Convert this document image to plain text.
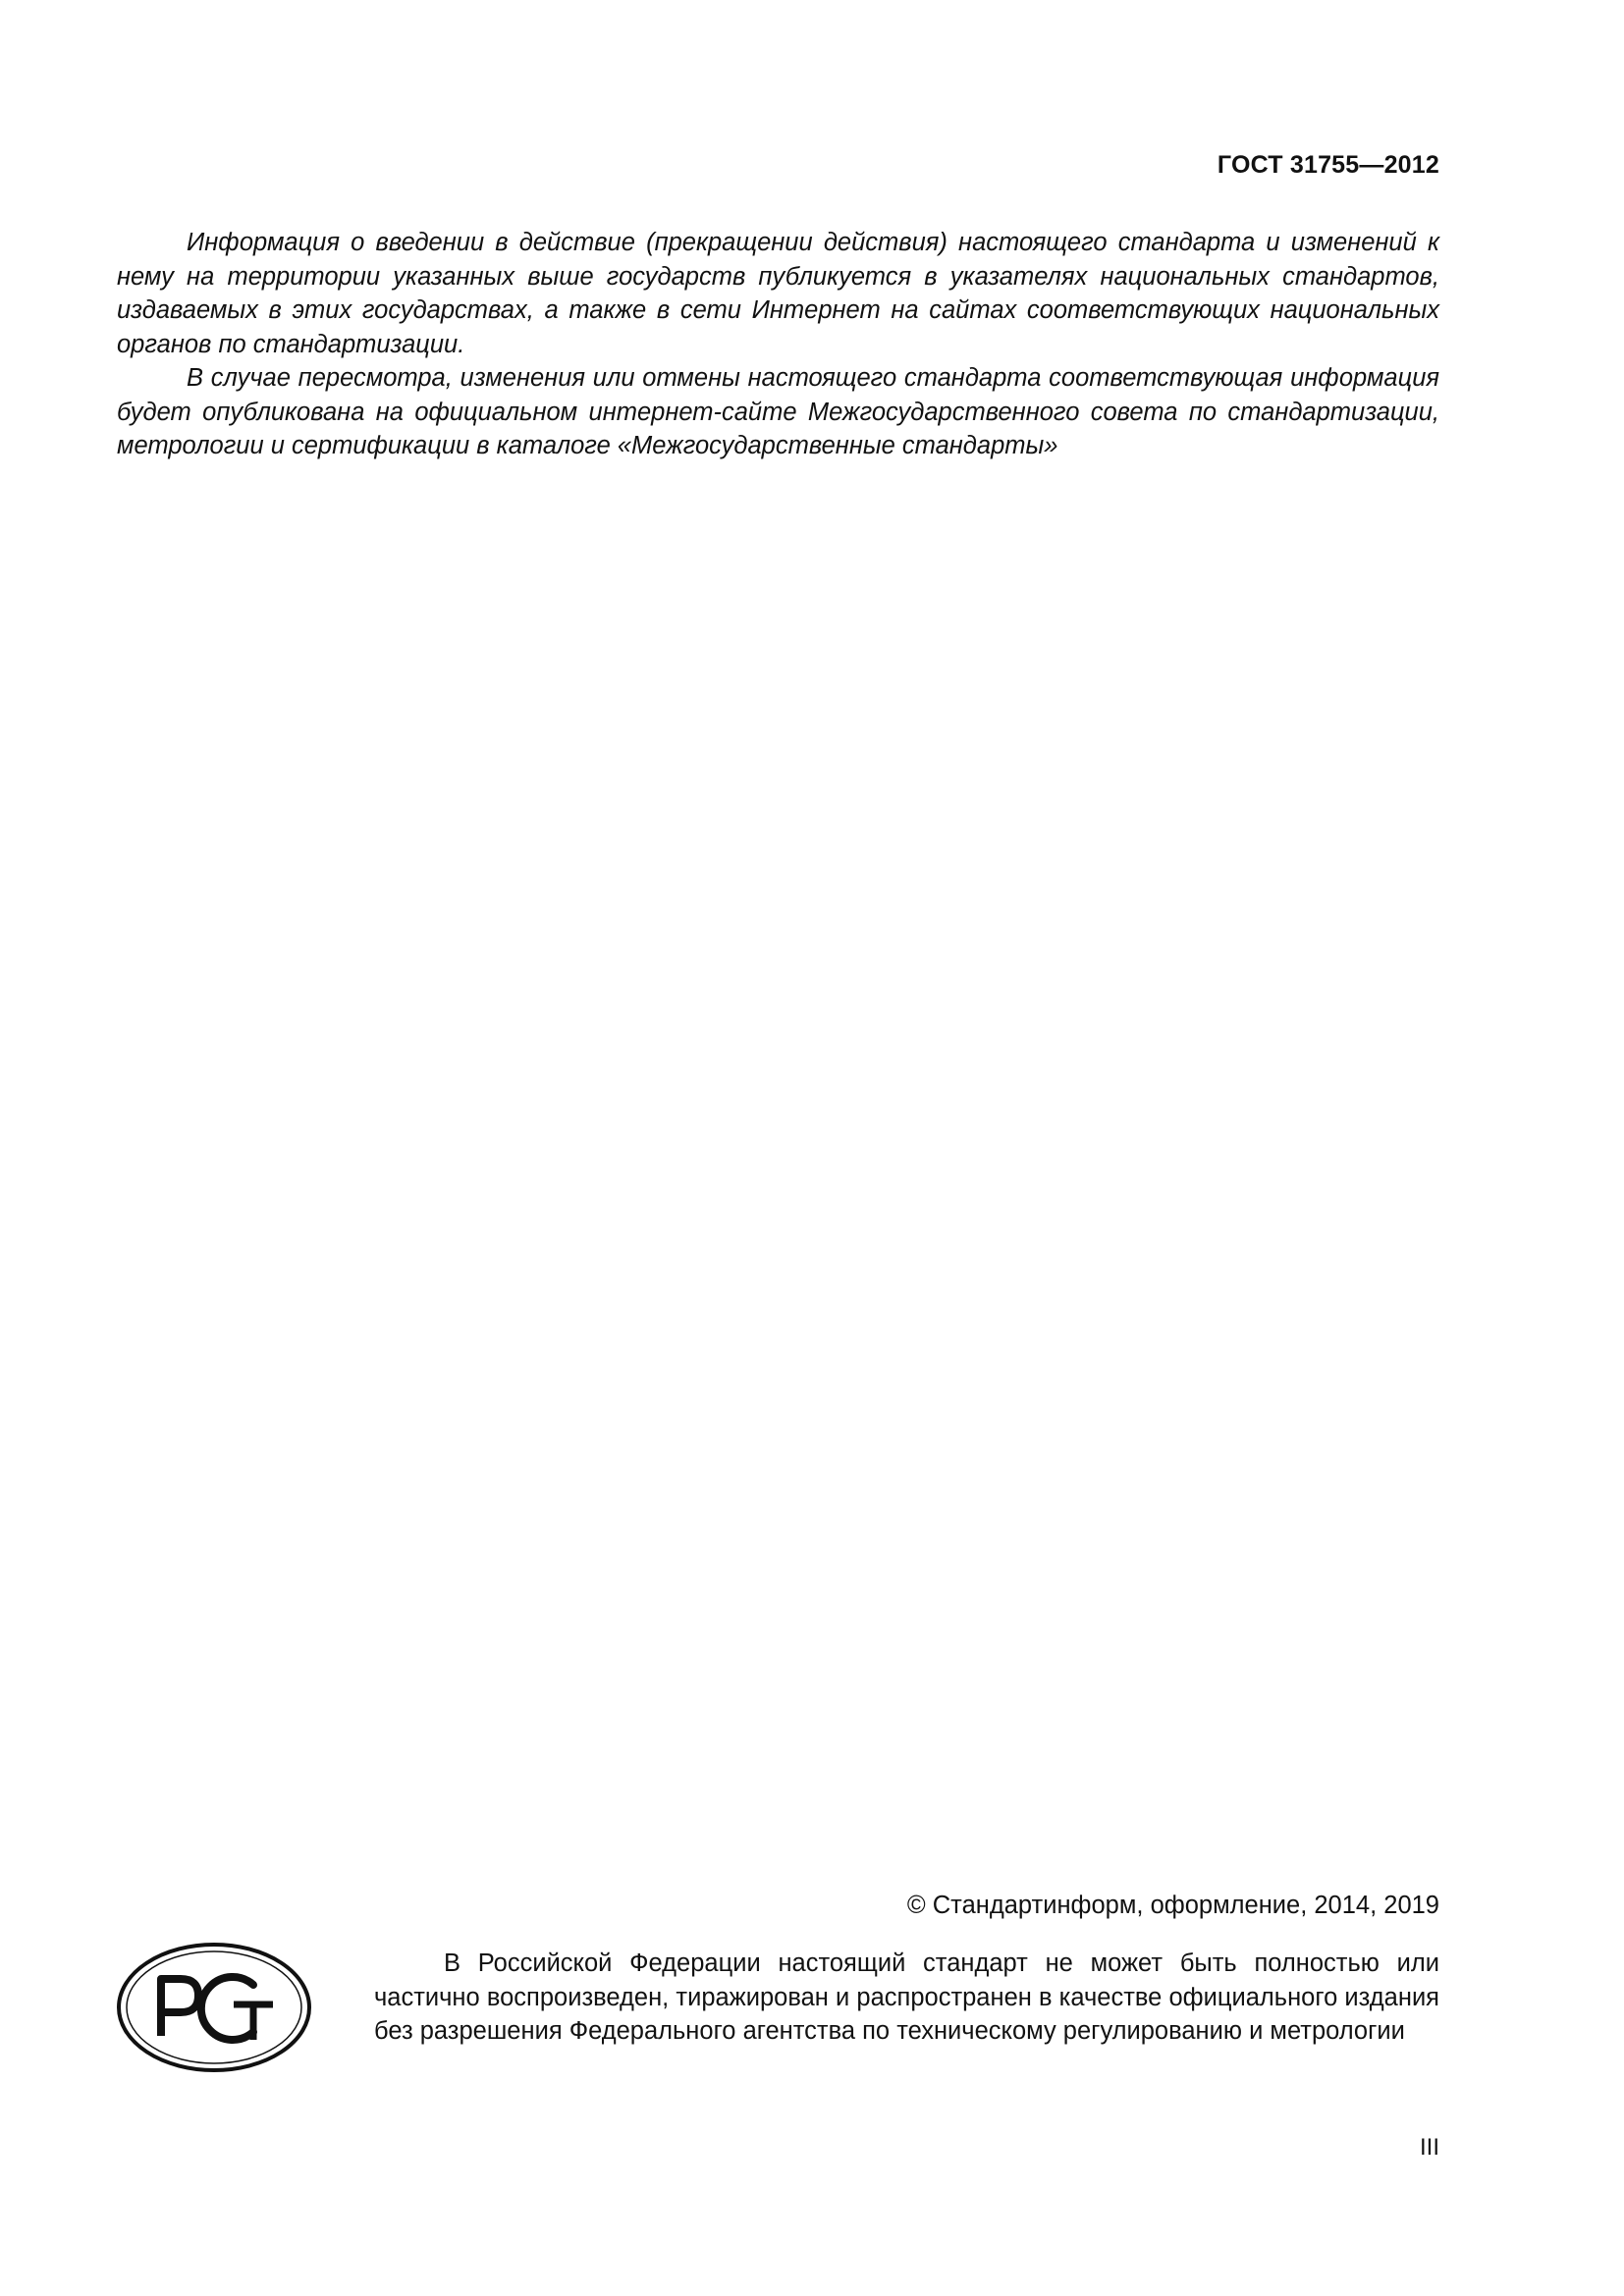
ГОСТ 31755—2012

Информация о введении в действие (прекращении действия) настоящего стандарта и изменений к нему на территории указанных выше государств публикуется в указателях национальных стандартов, издаваемых в этих государствах, а также в сети Интернет на сайтах соответствующих национальных органов по стандартизации.

В случае пересмотра, изменения или отмены настоящего стандарта соответствующая информация будет опубликована на официальном интернет-сайте Межгосударственного совета по стандартизации, метрологии и сертификации в каталоге «Межгосударственные стандарты»

© Стандартинформ, оформление, 2014, 2019

В Российской Федерации настоящий стандарт не может быть полностью или частично воспроизведен, тиражирован и распространен в качестве официального издания без разрешения Федерального агентства по техническому регулированию и метрологии

III
